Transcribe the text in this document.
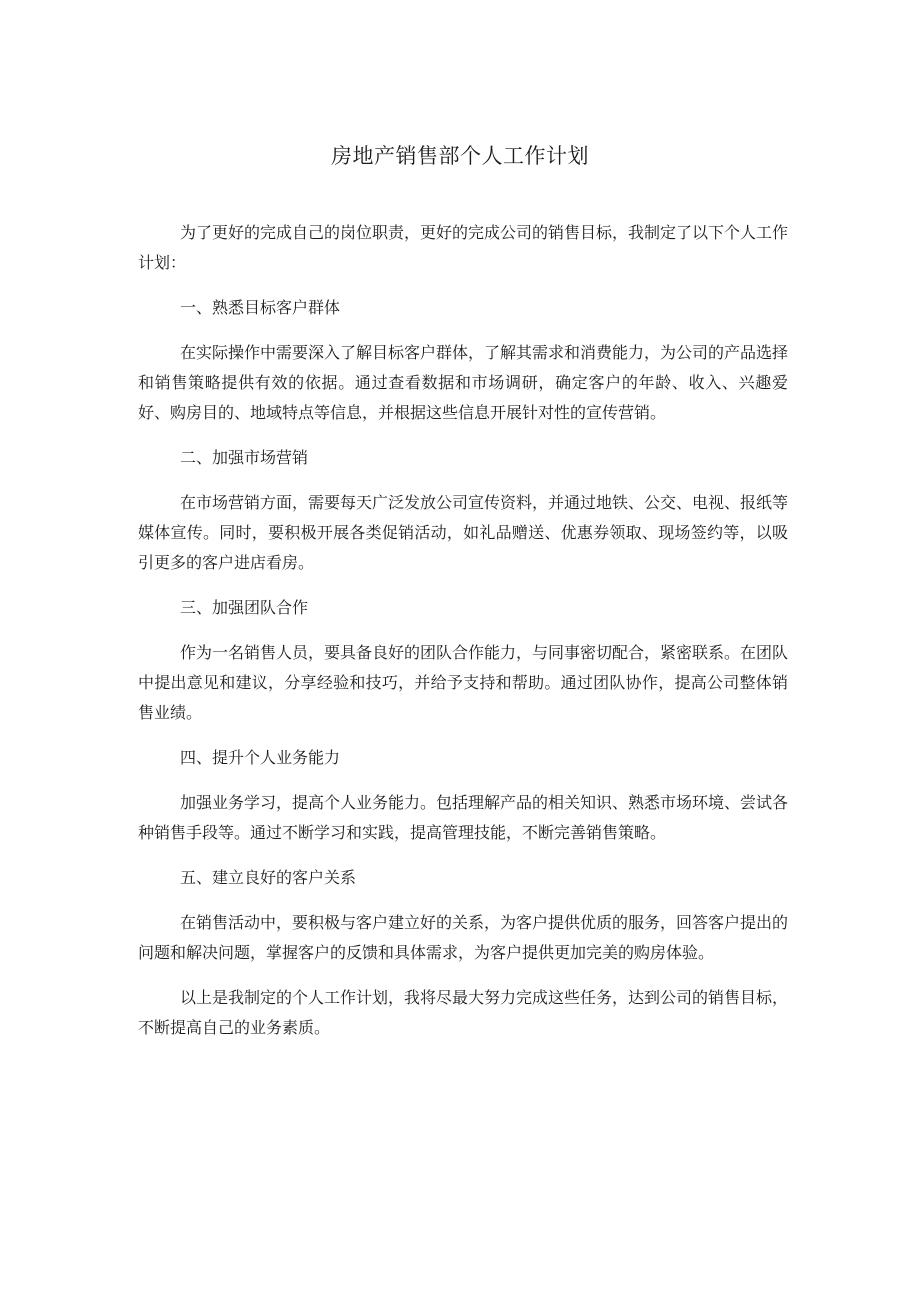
房地产销售部个人工作计划

为了更好的完成自己的岗位职责，更好的完成公司的销售目标，我制定了以下个人工作计划：

一、熟悉目标客户群体

在实际操作中需要深入了解目标客户群体，了解其需求和消费能力，为公司的产品选择和销售策略提供有效的依据。通过查看数据和市场调研，确定客户的年龄、收入、兴趣爱好、购房目的、地域特点等信息，并根据这些信息开展针对性的宣传营销。

二、加强市场营销

在市场营销方面，需要每天广泛发放公司宣传资料，并通过地铁、公交、电视、报纸等媒体宣传。同时，要积极开展各类促销活动，如礼品赠送、优惠券领取、现场签约等，以吸引更多的客户进店看房。

三、加强团队合作

作为一名销售人员，要具备良好的团队合作能力，与同事密切配合，紧密联系。在团队中提出意见和建议，分享经验和技巧，并给予支持和帮助。通过团队协作，提高公司整体销售业绩。

四、提升个人业务能力

加强业务学习，提高个人业务能力。包括理解产品的相关知识、熟悉市场环境、尝试各种销售手段等。通过不断学习和实践，提高管理技能，不断完善销售策略。

五、建立良好的客户关系

在销售活动中，要积极与客户建立好的关系，为客户提供优质的服务，回答客户提出的问题和解决问题，掌握客户的反馈和具体需求，为客户提供更加完美的购房体验。

以上是我制定的个人工作计划，我将尽最大努力完成这些任务，达到公司的销售目标，不断提高自己的业务素质。
